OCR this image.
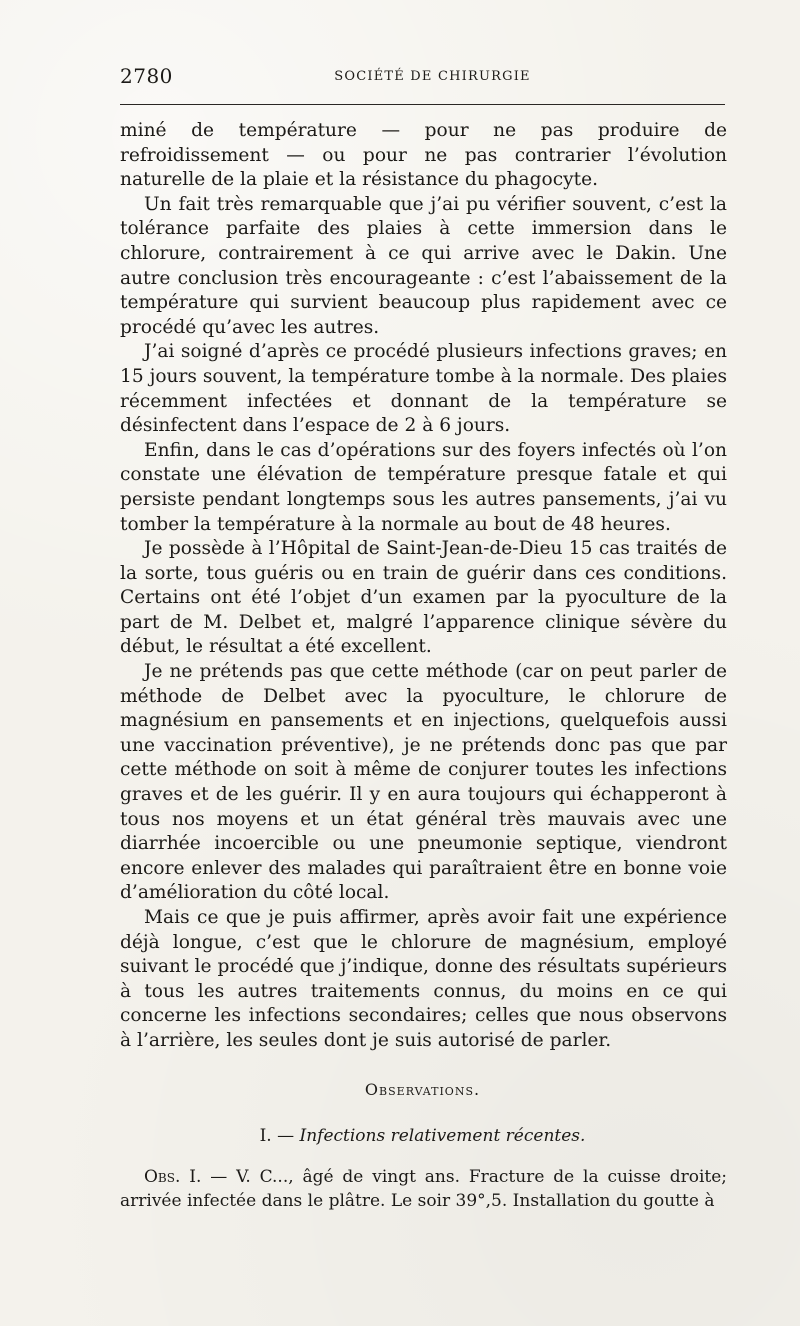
2780	SOCIÉTÉ DE CHIRURGIE

miné de température — pour ne pas produire de refroidissement — ou pour ne pas contrarier l’évolution naturelle de la plaie et la résistance du phagocyte.

Un fait très remarquable que j’ai pu vérifier souvent, c’est la tolérance parfaite des plaies à cette immersion dans le chlorure, contrairement à ce qui arrive avec le Dakin. Une autre conclusion très encourageante : c’est l’abaissement de la température qui survient beaucoup plus rapidement avec ce procédé qu’avec les autres.

J’ai soigné d’après ce procédé plusieurs infections graves; en 15 jours souvent, la température tombe à la normale. Des plaies récemment infectées et donnant de la température se désinfectent dans l’espace de 2 à 6 jours.

Enfin, dans le cas d’opérations sur des foyers infectés où l’on constate une élévation de température presque fatale et qui persiste pendant longtemps sous les autres pansements, j’ai vu tomber la température à la normale au bout de 48 heures.

Je possède à l’Hôpital de Saint-Jean-de-Dieu 15 cas traités de la sorte, tous guéris ou en train de guérir dans ces conditions. Certains ont été l’objet d’un examen par la pyoculture de la part de M. Delbet et, malgré l’apparence clinique sévère du début, le résultat a été excellent.

Je ne prétends pas que cette méthode (car on peut parler de méthode de Delbet avec la pyoculture, le chlorure de magnésium en pansements et en injections, quelquefois aussi une vaccination préventive), je ne prétends donc pas que par cette méthode on soit à même de conjurer toutes les infections graves et de les guérir. Il y en aura toujours qui échapperont à tous nos moyens et un état général très mauvais avec une diarrhée incoercible ou une pneumonie septique, viendront encore enlever des malades qui paraîtraient être en bonne voie d’amélioration du côté local.

Mais ce que je puis affirmer, après avoir fait une expérience déjà longue, c’est que le chlorure de magnésium, employé suivant le procédé que j’indique, donne des résultats supérieurs à tous les autres traitements connus, du moins en ce qui concerne les infections secondaires; celles que nous observons à l’arrière, les seules dont je suis autorisé de parler.

Observations.
I. — Infections relativement récentes.

Obs. I. — V. C..., âgé de vingt ans. Fracture de la cuisse droite; arrivée infectée dans le plâtre. Le soir 39°,5. Installation du goutte à
